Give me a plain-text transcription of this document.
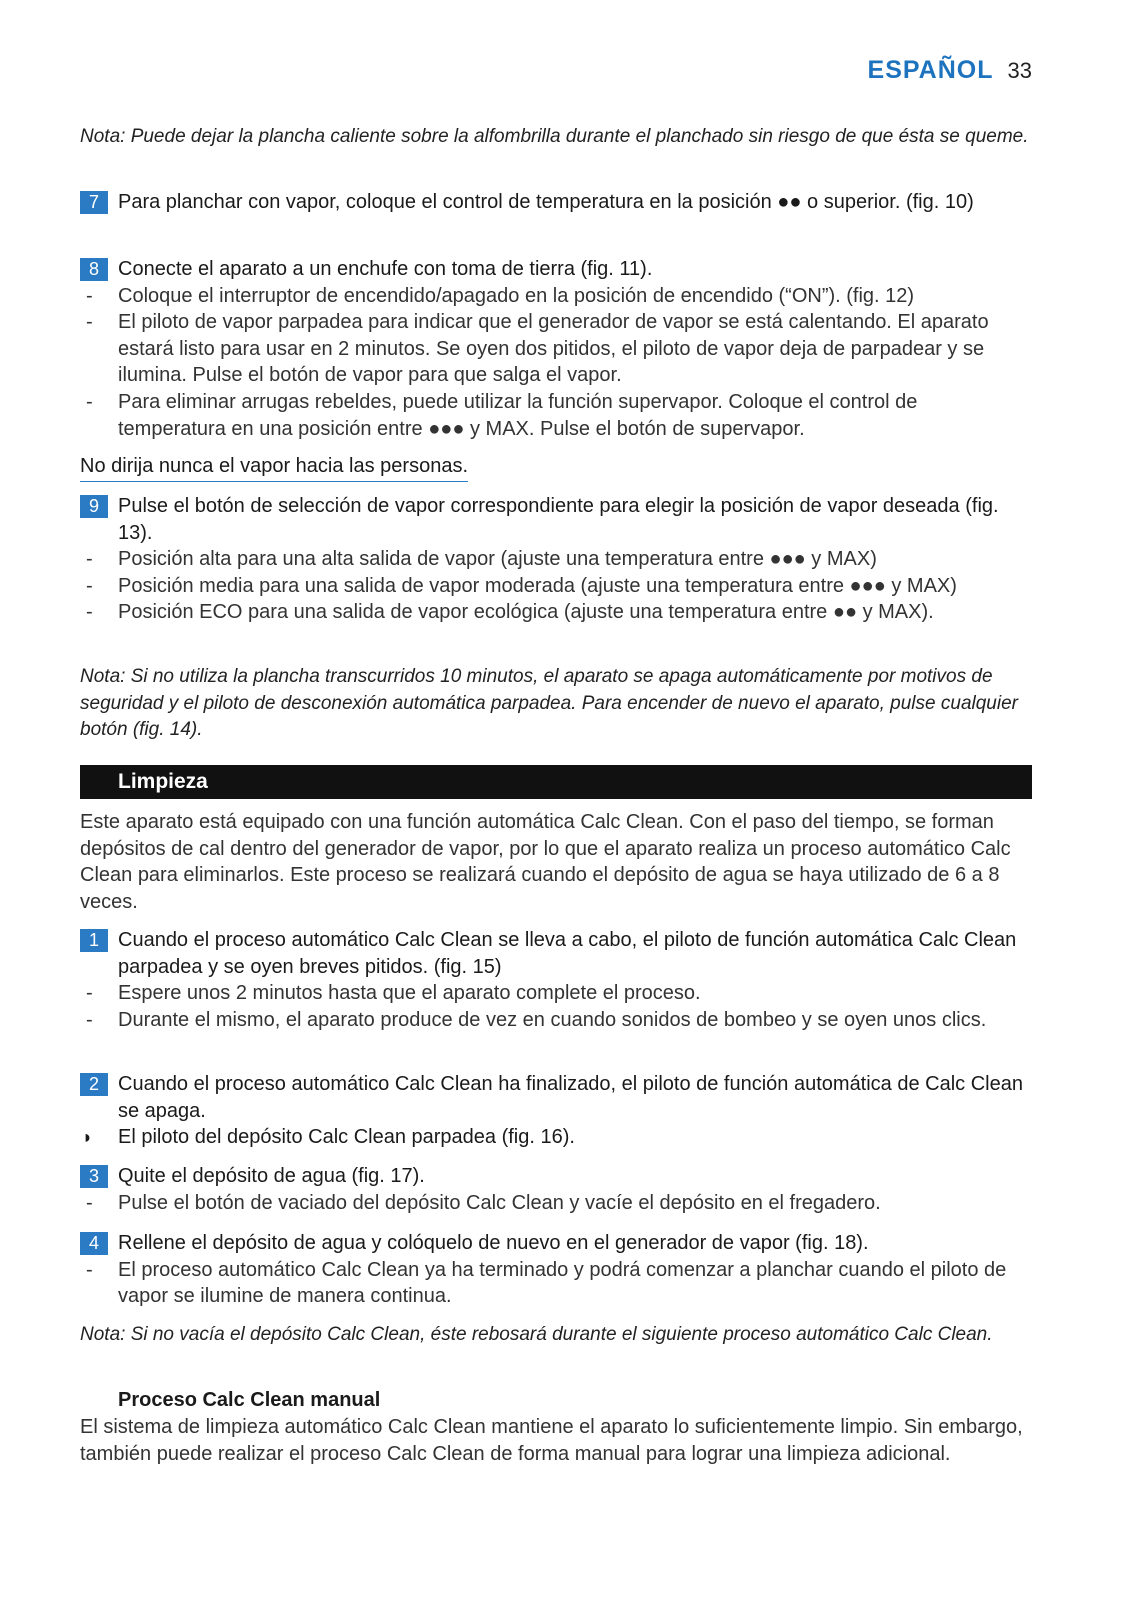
ESPAÑOL 33
Nota: Puede dejar la plancha caliente sobre la alfombrilla durante el planchado sin riesgo de que ésta se queme.
7 Para planchar con vapor, coloque el control de temperatura en la posición ●● o superior. (fig. 10)
8 Conecte el aparato a un enchufe con toma de tierra (fig. 11).
- Coloque el interruptor de encendido/apagado en la posición de encendido (“ON”). (fig. 12)
- El piloto de vapor parpadea para indicar que el generador de vapor se está calentando. El aparato estará listo para usar en 2 minutos. Se oyen dos pitidos, el piloto de vapor deja de parpadear y se ilumina. Pulse el botón de vapor para que salga el vapor.
- Para eliminar arrugas rebeldes, puede utilizar la función supervapor. Coloque el control de temperatura en una posición entre ●●● y MAX. Pulse el botón de supervapor.
No dirija nunca el vapor hacia las personas.
9 Pulse el botón de selección de vapor correspondiente para elegir la posición de vapor deseada (fig. 13).
- Posición alta para una alta salida de vapor (ajuste una temperatura entre ●●● y MAX)
- Posición media para una salida de vapor moderada (ajuste una temperatura entre ●●● y MAX)
- Posición ECO para una salida de vapor ecológica (ajuste una temperatura entre ●● y MAX).
Nota: Si no utiliza la plancha transcurridos 10 minutos, el aparato se apaga automáticamente por motivos de seguridad y el piloto de desconexión automática parpadea. Para encender de nuevo el aparato, pulse cualquier botón (fig. 14).
Limpieza
Este aparato está equipado con una función automática Calc Clean. Con el paso del tiempo, se forman depósitos de cal dentro del generador de vapor, por lo que el aparato realiza un proceso automático Calc Clean para eliminarlos. Este proceso se realizará cuando el depósito de agua se haya utilizado de 6 a 8 veces.
1 Cuando el proceso automático Calc Clean se lleva a cabo, el piloto de función automática Calc Clean parpadea y se oyen breves pitidos. (fig. 15)
- Espere unos 2 minutos hasta que el aparato complete el proceso.
- Durante el mismo, el aparato produce de vez en cuando sonidos de bombeo y se oyen unos clics.
2 Cuando el proceso automático Calc Clean ha finalizado, el piloto de función automática de Calc Clean se apaga.
◗ El piloto del depósito Calc Clean parpadea (fig. 16).
3 Quite el depósito de agua (fig. 17).
- Pulse el botón de vaciado del depósito Calc Clean y vacíe el depósito en el fregadero.
4 Rellene el depósito de agua y colóquelo de nuevo en el generador de vapor (fig. 18).
- El proceso automático Calc Clean ya ha terminado y podrá comenzar a planchar cuando el piloto de vapor se ilumine de manera continua.
Nota: Si no vacía el depósito Calc Clean, éste rebosará durante el siguiente proceso automático Calc Clean.
Proceso Calc Clean manual
El sistema de limpieza automático Calc Clean mantiene el aparato lo suficientemente limpio. Sin embargo, también puede realizar el proceso Calc Clean de forma manual para lograr una limpieza adicional.
